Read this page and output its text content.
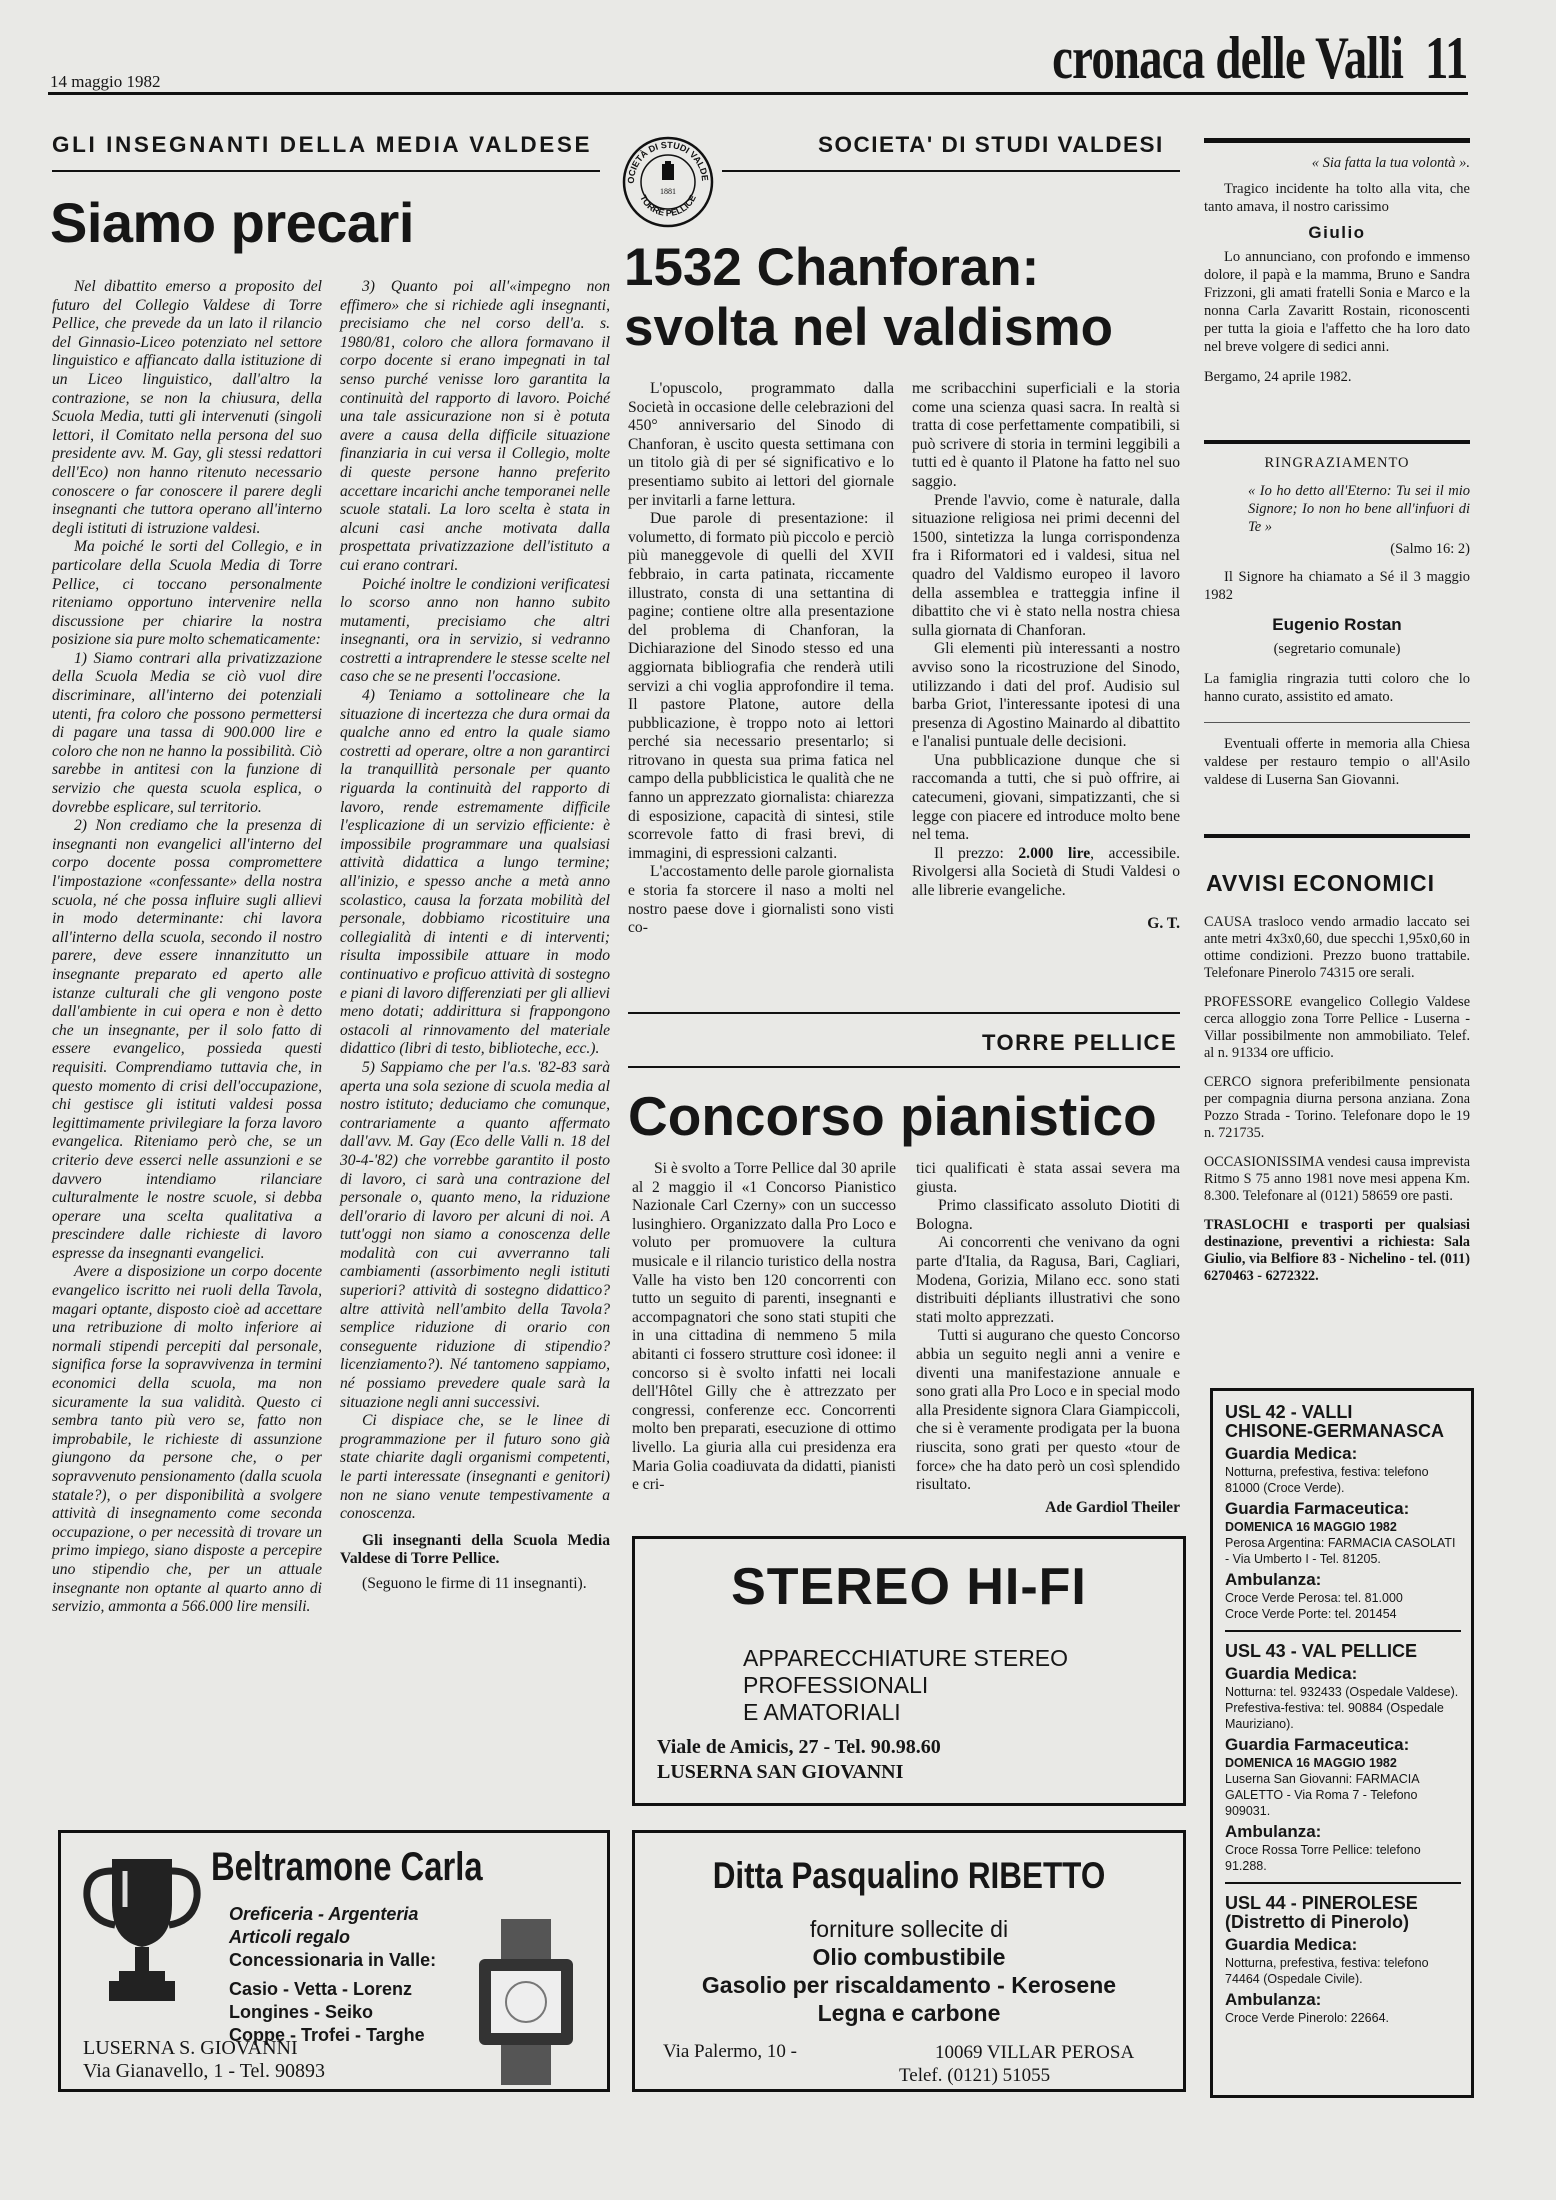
14 maggio 1982	cronaca delle Valli 11
GLI INSEGNANTI DELLA MEDIA VALDESE
Siamo precari

Nel dibattito emerso a proposito del futuro del Collegio Valdese di Torre Pellice, che prevede da un lato il rilancio del Ginnasio-Liceo potenziato nel settore linguistico e affiancato dalla istituzione di un Liceo linguistico, dall'altro la contrazione, se non la chiusura, della Scuola Media, tutti gli intervenuti (singoli lettori, il Comitato nella persona del suo presidente avv. M. Gay, gli stessi redattori dell'Eco) non hanno ritenuto necessario conoscere o far conoscere il parere degli insegnanti che tuttora operano all'interno degli istituti di istruzione valdesi.

Ma poiché le sorti del Collegio, e in particolare della Scuola Media di Torre Pellice, ci toccano personalmente riteniamo opportuno intervenire nella discussione per chiarire la nostra posizione sia pure molto schematicamente:

1) Siamo contrari alla privatizzazione della Scuola Media se ciò vuol dire discriminare, all'interno dei potenziali utenti, fra coloro che possono permettersi di pagare una tassa di 900.000 lire e coloro che non ne hanno la possibilità. Ciò sarebbe in antitesi con la funzione di servizio che questa scuola esplica, o dovrebbe esplicare, sul territorio.

2) Non crediamo che la presenza di insegnanti non evangelici all'interno del corpo docente possa compromettere l'impostazione «confessante» della nostra scuola, né che possa influire sugli allievi in modo determinante: chi lavora all'interno della scuola, secondo il nostro parere, deve essere innanzitutto un insegnante preparato ed aperto alle istanze culturali che gli vengono poste dall'ambiente in cui opera e non è detto che un insegnante, per il solo fatto di essere evangelico, possieda questi requisiti. Comprendiamo tuttavia che, in questo momento di crisi dell'occupazione, chi gestisce gli istituti valdesi possa legittimamente privilegiare la forza lavoro evangelica. Riteniamo però che, se un criterio deve esserci nelle assunzioni e se davvero intendiamo rilanciare culturalmente le nostre scuole, si debba operare una scelta qualitativa a prescindere dalle richieste di lavoro espresse da insegnanti evangelici.

Avere a disposizione un corpo docente evangelico iscritto nei ruoli della Tavola, magari optante, disposto cioè ad accettare una retribuzione di molto inferiore ai normali stipendi percepiti dal personale, significa forse la sopravvivenza in termini economici della scuola, ma non sicuramente la sua validità. Questo ci sembra tanto più vero se, fatto non improbabile, le richieste di assunzione giungono da persone che, o per sopravvenuto pensionamento (dalla scuola statale?), o per disponibilità a svolgere attività di insegnamento come seconda occupazione, o per necessità di trovare un primo impiego, siano disposte a percepire uno stipendio che, per un attuale insegnante non optante al quarto anno di servizio, ammonta a 566.000 lire mensili.

3) Quanto poi all'«impegno non effimero» che si richiede agli insegnanti, precisiamo che nel corso dell'a. s. 1980/81, coloro che allora formavano il corpo docente si erano impegnati in tal senso purché venisse loro garantita la continuità del rapporto di lavoro. Poiché una tale assicurazione non si è potuta avere a causa della difficile situazione finanziaria in cui versa il Collegio, molte di queste persone hanno preferito accettare incarichi anche temporanei nelle scuole statali. La loro scelta è stata in alcuni casi anche motivata dalla prospettata privatizzazione dell'istituto a cui erano contrari.

Poiché inoltre le condizioni verificatesi lo scorso anno non hanno subito mutamenti, precisiamo che altri insegnanti, ora in servizio, si vedranno costretti a intraprendere le stesse scelte nel caso che se ne presenti l'occasione.

4) Teniamo a sottolineare che la situazione di incertezza che dura ormai da qualche anno ed entro la quale siamo costretti ad operare, oltre a non garantirci la tranquillità personale per quanto riguarda la continuità del rapporto di lavoro, rende estremamente difficile l'esplicazione di un servizio efficiente: è impossibile programmare una qualsiasi attività didattica a lungo termine; all'inizio, e spesso anche a metà anno scolastico, causa la forzata mobilità del personale, dobbiamo ricostituire una collegialità di intenti e di interventi; risulta impossibile attuare in modo continuativo e proficuo attività di sostegno e piani di lavoro differenziati per gli allievi meno dotati; addirittura si frappongono ostacoli al rinnovamento del materiale didattico (libri di testo, biblioteche, ecc.).

5) Sappiamo che per l'a.s. '82-83 sarà aperta una sola sezione di scuola media al nostro istituto; deduciamo che comunque, contrariamente a quanto affermato dall'avv. M. Gay (Eco delle Valli n. 18 del 30-4-'82) che vorrebbe garantito il posto di lavoro, ci sarà una contrazione del personale o, quanto meno, la riduzione dell'orario di lavoro per alcuni di noi. A tutt'oggi non siamo a conoscenza delle modalità con cui avverranno tali cambiamenti (assorbimento negli istituti superiori? attività di sostegno didattico? altre attività nell'ambito della Tavola? semplice riduzione di orario con conseguente riduzione di stipendio? licenziamento?). Né tantomeno sappiamo, né possiamo prevedere quale sarà la situazione negli anni successivi.

Ci dispiace che, se le linee di programmazione per il futuro sono già state chiarite dagli organismi competenti, le parti interessate (insegnanti e genitori) non ne siano venute tempestivamente a conoscenza.

Gli insegnanti della Scuola Media Valdese di Torre Pellice.

(Seguono le firme di 11 insegnanti).

OCIETÀ DI STUDI VALDE
TORRE PELLICE
1881
SOCIETA' DI STUDI VALDESI
1532 Chanforan:
svolta nel valdismo

L'opuscolo, programmato dalla Società in occasione delle celebrazioni del 450° anniversario del Sinodo di Chanforan, è uscito questa settimana con un titolo già di per sé significativo e lo presentiamo subito ai lettori del giornale per invitarli a farne lettura.

Due parole di presentazione: il volumetto, di formato più piccolo e perciò più maneggevole di quelli del XVII febbraio, in carta patinata, riccamente illustrato, consta di una settantina di pagine; contiene oltre alla presentazione del problema di Chanforan, la Dichiarazione del Sinodo stesso ed una aggiornata bibliografia che renderà utili servizi a chi voglia approfondire il tema. Il pastore Platone, autore della pubblicazione, è troppo noto ai lettori perché sia necessario presentarlo; si ritrovano in questa sua prima fatica nel campo della pubblicistica le qualità che ne fanno un apprezzato giornalista: chiarezza di esposizione, capacità di sintesi, stile scorrevole fatto di frasi brevi, di immagini, di espressioni calzanti.

L'accostamento delle parole giornalista e storia fa storcere il naso a molti nel nostro paese dove i giornalisti sono visti co-

me scribacchini superficiali e la storia come una scienza quasi sacra. In realtà si tratta di cose perfettamente compatibili, si può scrivere di storia in termini leggibili a tutti ed è quanto il Platone ha fatto nel suo saggio.

Prende l'avvio, come è naturale, dalla situazione religiosa nei primi decenni del 1500, sintetizza la lunga corrispondenza fra i Riformatori ed i valdesi, situa nel quadro del Valdismo europeo il lavoro della assemblea e tratteggia infine il dibattito che vi è stato nella nostra chiesa sulla giornata di Chanforan.

Gli elementi più interessanti a nostro avviso sono la ricostruzione del Sinodo, utilizzando i dati del prof. Audisio sul barba Griot, l'interessante ipotesi di una presenza di Agostino Mainardo al dibattito e l'analisi puntuale delle decisioni.

Una pubblicazione dunque che si raccomanda a tutti, che si può offrire, ai catecumeni, giovani, simpatizzanti, che si legge con piacere ed introduce molto bene nel tema.

Il prezzo: 2.000 lire, accessibile. Rivolgersi alla Società di Studi Valdesi o alle librerie evangeliche.

G. T.

TORRE PELLICE
Concorso pianistico

Si è svolto a Torre Pellice dal 30 aprile al 2 maggio il «1 Concorso Pianistico Nazionale Carl Czerny» con un successo lusinghiero. Organizzato dalla Pro Loco e voluto per promuovere la cultura musicale e il rilancio turistico della nostra Valle ha visto ben 120 concorrenti con tutto un seguito di parenti, insegnanti e accompagnatori che sono stati stupiti che in una cittadina di nemmeno 5 mila abitanti ci fossero strutture così idonee: il concorso si è svolto infatti nei locali dell'Hôtel Gilly che è attrezzato per congressi, conferenze ecc. Concorrenti molto ben preparati, esecuzione di ottimo livello. La giuria alla cui presidenza era Maria Golia coadiuvata da didatti, pianisti e cri-

tici qualificati è stata assai severa ma giusta.

Primo classificato assoluto Diotiti di Bologna.

Ai concorrenti che venivano da ogni parte d'Italia, da Ragusa, Bari, Cagliari, Modena, Gorizia, Milano ecc. sono stati distribuiti dépliants illustrativi che sono stati molto apprezzati.

Tutti si augurano che questo Concorso abbia un seguito negli anni a venire e diventi una manifestazione annuale e sono grati alla Pro Loco e in special modo alla Presidente signora Clara Giampiccoli, che si è veramente prodigata per la buona riuscita, sono grati per questo «tour de force» che ha dato però un così splendido risultato.

Ade Gardiol Theiler

STEREO HI-FI
APPARECCHIATURE STEREO
PROFESSIONALI
E AMATORIALI
Viale de Amicis, 27 - Tel. 90.98.60
LUSERNA SAN GIOVANNI
Beltramone Carla
Oreficeria - Argenteria
Articoli regalo
Concessionaria in Valle:
Casio - Vetta - Lorenz
Longines - Seiko
Coppe - Trofei - Targhe
LUSERNA S. GIOVANNI
Via Gianavello, 1 - Tel. 90893
Ditta Pasqualino RIBETTO
forniture sollecite di
Olio combustibile
Gasolio per riscaldamento - Kerosene
Legna e carbone
Via Palermo, 10 -	10069 VILLAR PEROSA
Telef. (0121) 51055

« Sia fatta la tua volontà ».

Tragico incidente ha tolto alla vita, che tanto amava, il nostro carissimo

Giulio

Lo annunciano, con profondo e immenso dolore, il papà e la mamma, Bruno e Sandra Frizzoni, gli amati fratelli Sonia e Marco e la nonna Carla Zavaritt Rostain, riconoscenti per tutta la gioia e l'affetto che ha loro dato nel breve volgere di sedici anni.

Bergamo, 24 aprile 1982.

RINGRAZIAMENTO

« Io ho detto all'Eterno: Tu sei il mio Signore; Io non ho bene all'infuori di Te »

(Salmo 16: 2)

Il Signore ha chiamato a Sé il 3 maggio 1982

Eugenio Rostan

(segretario comunale)

La famiglia ringrazia tutti coloro che lo hanno curato, assistito ed amato.

Eventuali offerte in memoria alla Chiesa valdese per restauro tempio o all'Asilo valdese di Luserna San Giovanni.

AVVISI ECONOMICI

CAUSA trasloco vendo armadio laccato sei ante metri 4x3x0,60, due specchi 1,95x0,60 in ottime condizioni. Prezzo buono trattabile. Telefonare Pinerolo 74315 ore serali.

PROFESSORE evangelico Collegio Valdese cerca alloggio zona Torre Pellice - Luserna - Villar possibilmente non ammobiliato. Telef. al n. 91334 ore ufficio.

CERCO signora preferibilmente pensionata per compagnia diurna persona anziana. Zona Pozzo Strada - Torino. Telefonare dopo le 19 n. 721735.

OCCASIONISSIMA vendesi causa imprevista Ritmo S 75 anno 1981 nove mesi appena Km. 8.300. Telefonare al (0121) 58659 ore pasti.

TRASLOCHI e trasporti per qualsiasi destinazione, preventivi a richiesta: Sala Giulio, via Belfiore 83 - Nichelino - tel. (011) 6270463 - 6272322.

USL 42 - VALLI
CHISONE-GERMANASCA
Guardia Medica:

Notturna, prefestiva, festiva: telefono 81000 (Croce Verde).

Guardia Farmaceutica:

DOMENICA 16 MAGGIO 1982

Perosa Argentina: FARMACIA CASOLATI - Via Umberto I - Tel. 81205.

Ambulanza:

Croce Verde Perosa: tel. 81.000

Croce Verde Porte: tel. 201454

USL 43 - VAL PELLICE
Guardia Medica:

Notturna: tel. 932433 (Ospedale Valdese).

Prefestiva-festiva: tel. 90884 (Ospedale Mauriziano).

Guardia Farmaceutica:

DOMENICA 16 MAGGIO 1982

Luserna San Giovanni: FARMACIA GALETTO - Via Roma 7 - Telefono 909031.

Ambulanza:

Croce Rossa Torre Pellice: telefono 91.288.

USL 44 - PINEROLESE
(Distretto di Pinerolo)
Guardia Medica:

Notturna, prefestiva, festiva: telefono 74464 (Ospedale Civile).

Ambulanza:

Croce Verde Pinerolo: 22664.
